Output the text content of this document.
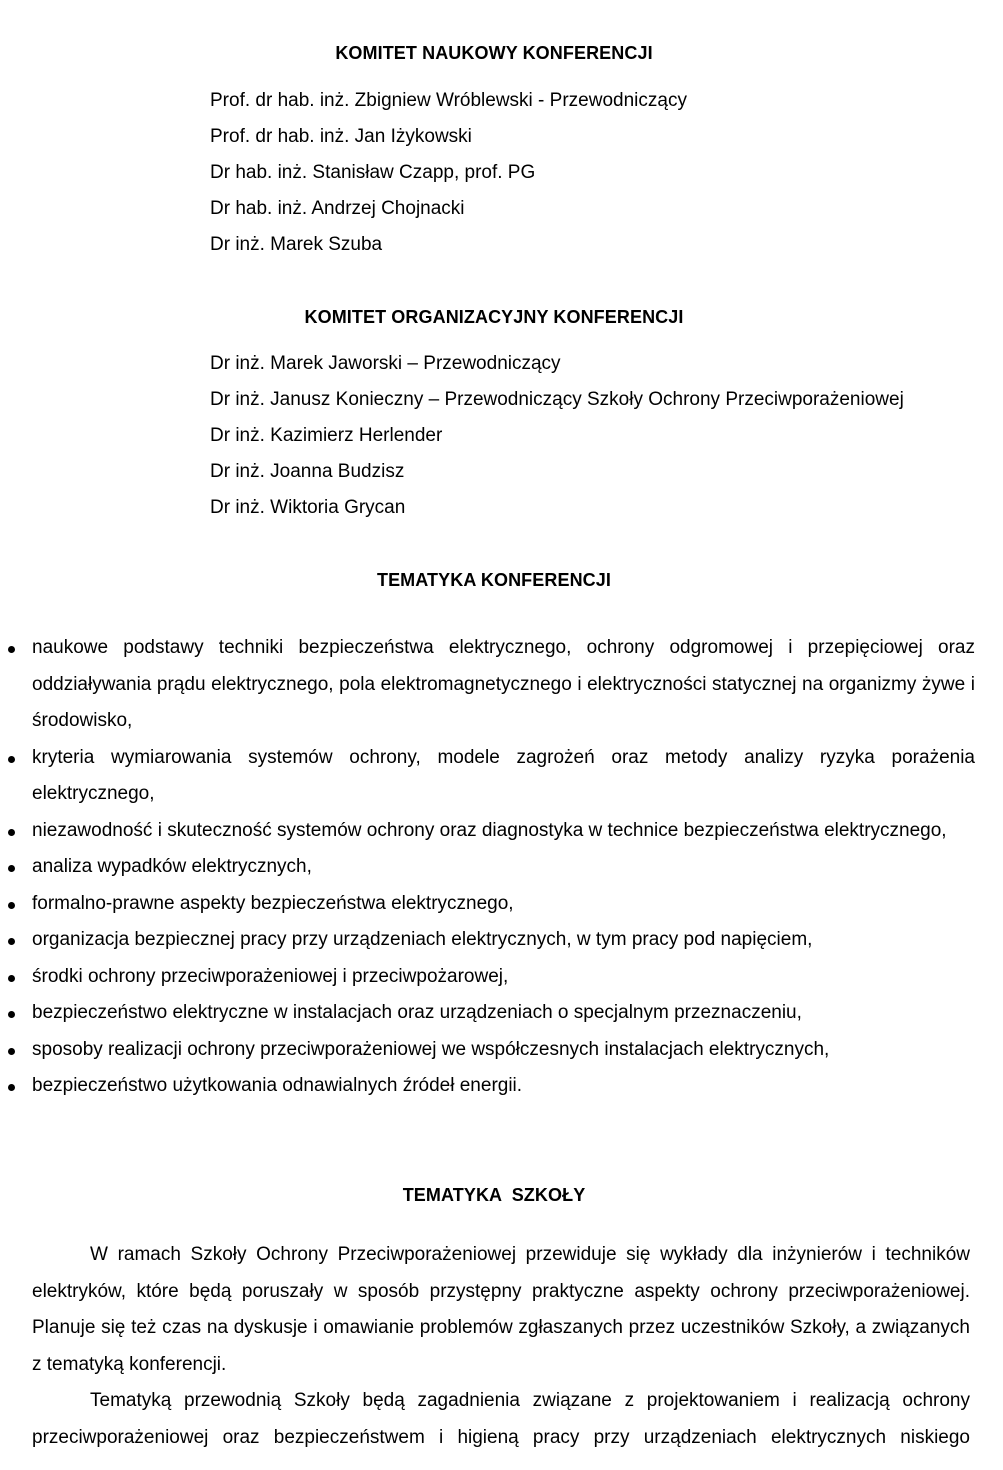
KOMITET NAUKOWY KONFERENCJI
Prof. dr hab. inż. Zbigniew Wróblewski - Przewodniczący
Prof. dr hab. inż. Jan Iżykowski
Dr hab. inż. Stanisław Czapp, prof. PG
Dr hab. inż. Andrzej Chojnacki
Dr inż. Marek Szuba
KOMITET ORGANIZACYJNY KONFERENCJI
Dr inż. Marek Jaworski – Przewodniczący
Dr inż. Janusz Konieczny – Przewodniczący Szkoły Ochrony Przeciwporażeniowej
Dr inż. Kazimierz Herlender
Dr inż. Joanna Budzisz
Dr inż. Wiktoria Grycan
TEMATYKA KONFERENCJI
naukowe podstawy techniki bezpieczeństwa elektrycznego, ochrony odgromowej i przepięciowej oraz oddziaływania prądu elektrycznego, pola elektromagnetycznego i elektryczności statycznej na organizmy żywe i środowisko,
kryteria wymiarowania systemów ochrony, modele zagrożeń oraz metody analizy ryzyka porażenia elektrycznego,
niezawodność i skuteczność systemów ochrony oraz diagnostyka w technice bezpieczeństwa elektrycznego,
analiza wypadków elektrycznych,
formalno-prawne aspekty bezpieczeństwa elektrycznego,
organizacja bezpiecznej pracy przy urządzeniach elektrycznych, w tym pracy pod napięciem,
środki ochrony przeciwporażeniowej i przeciwpożarowej,
bezpieczeństwo elektryczne w instalacjach oraz urządzeniach o specjalnym przeznaczeniu,
sposoby realizacji ochrony przeciwporażeniowej we współczesnych instalacjach elektrycznych,
bezpieczeństwo użytkowania odnawialnych źródeł energii.
TEMATYKA  SZKOŁY

W ramach Szkoły Ochrony Przeciwporażeniowej przewiduje się wykłady dla inżynierów i techników elektryków, które będą poruszały w sposób przystępny praktyczne aspekty ochrony przeciwporażeniowej. Planuje się też czas na dyskusje i omawianie problemów zgłaszanych przez uczestników Szkoły, a związanych z tematyką konferencji.

Tematyką przewodnią Szkoły będą zagadnienia związane z projektowaniem i realizacją ochrony przeciwporażeniowej oraz bezpieczeństwem i higieną pracy przy urządzeniach elektrycznych niskiego
